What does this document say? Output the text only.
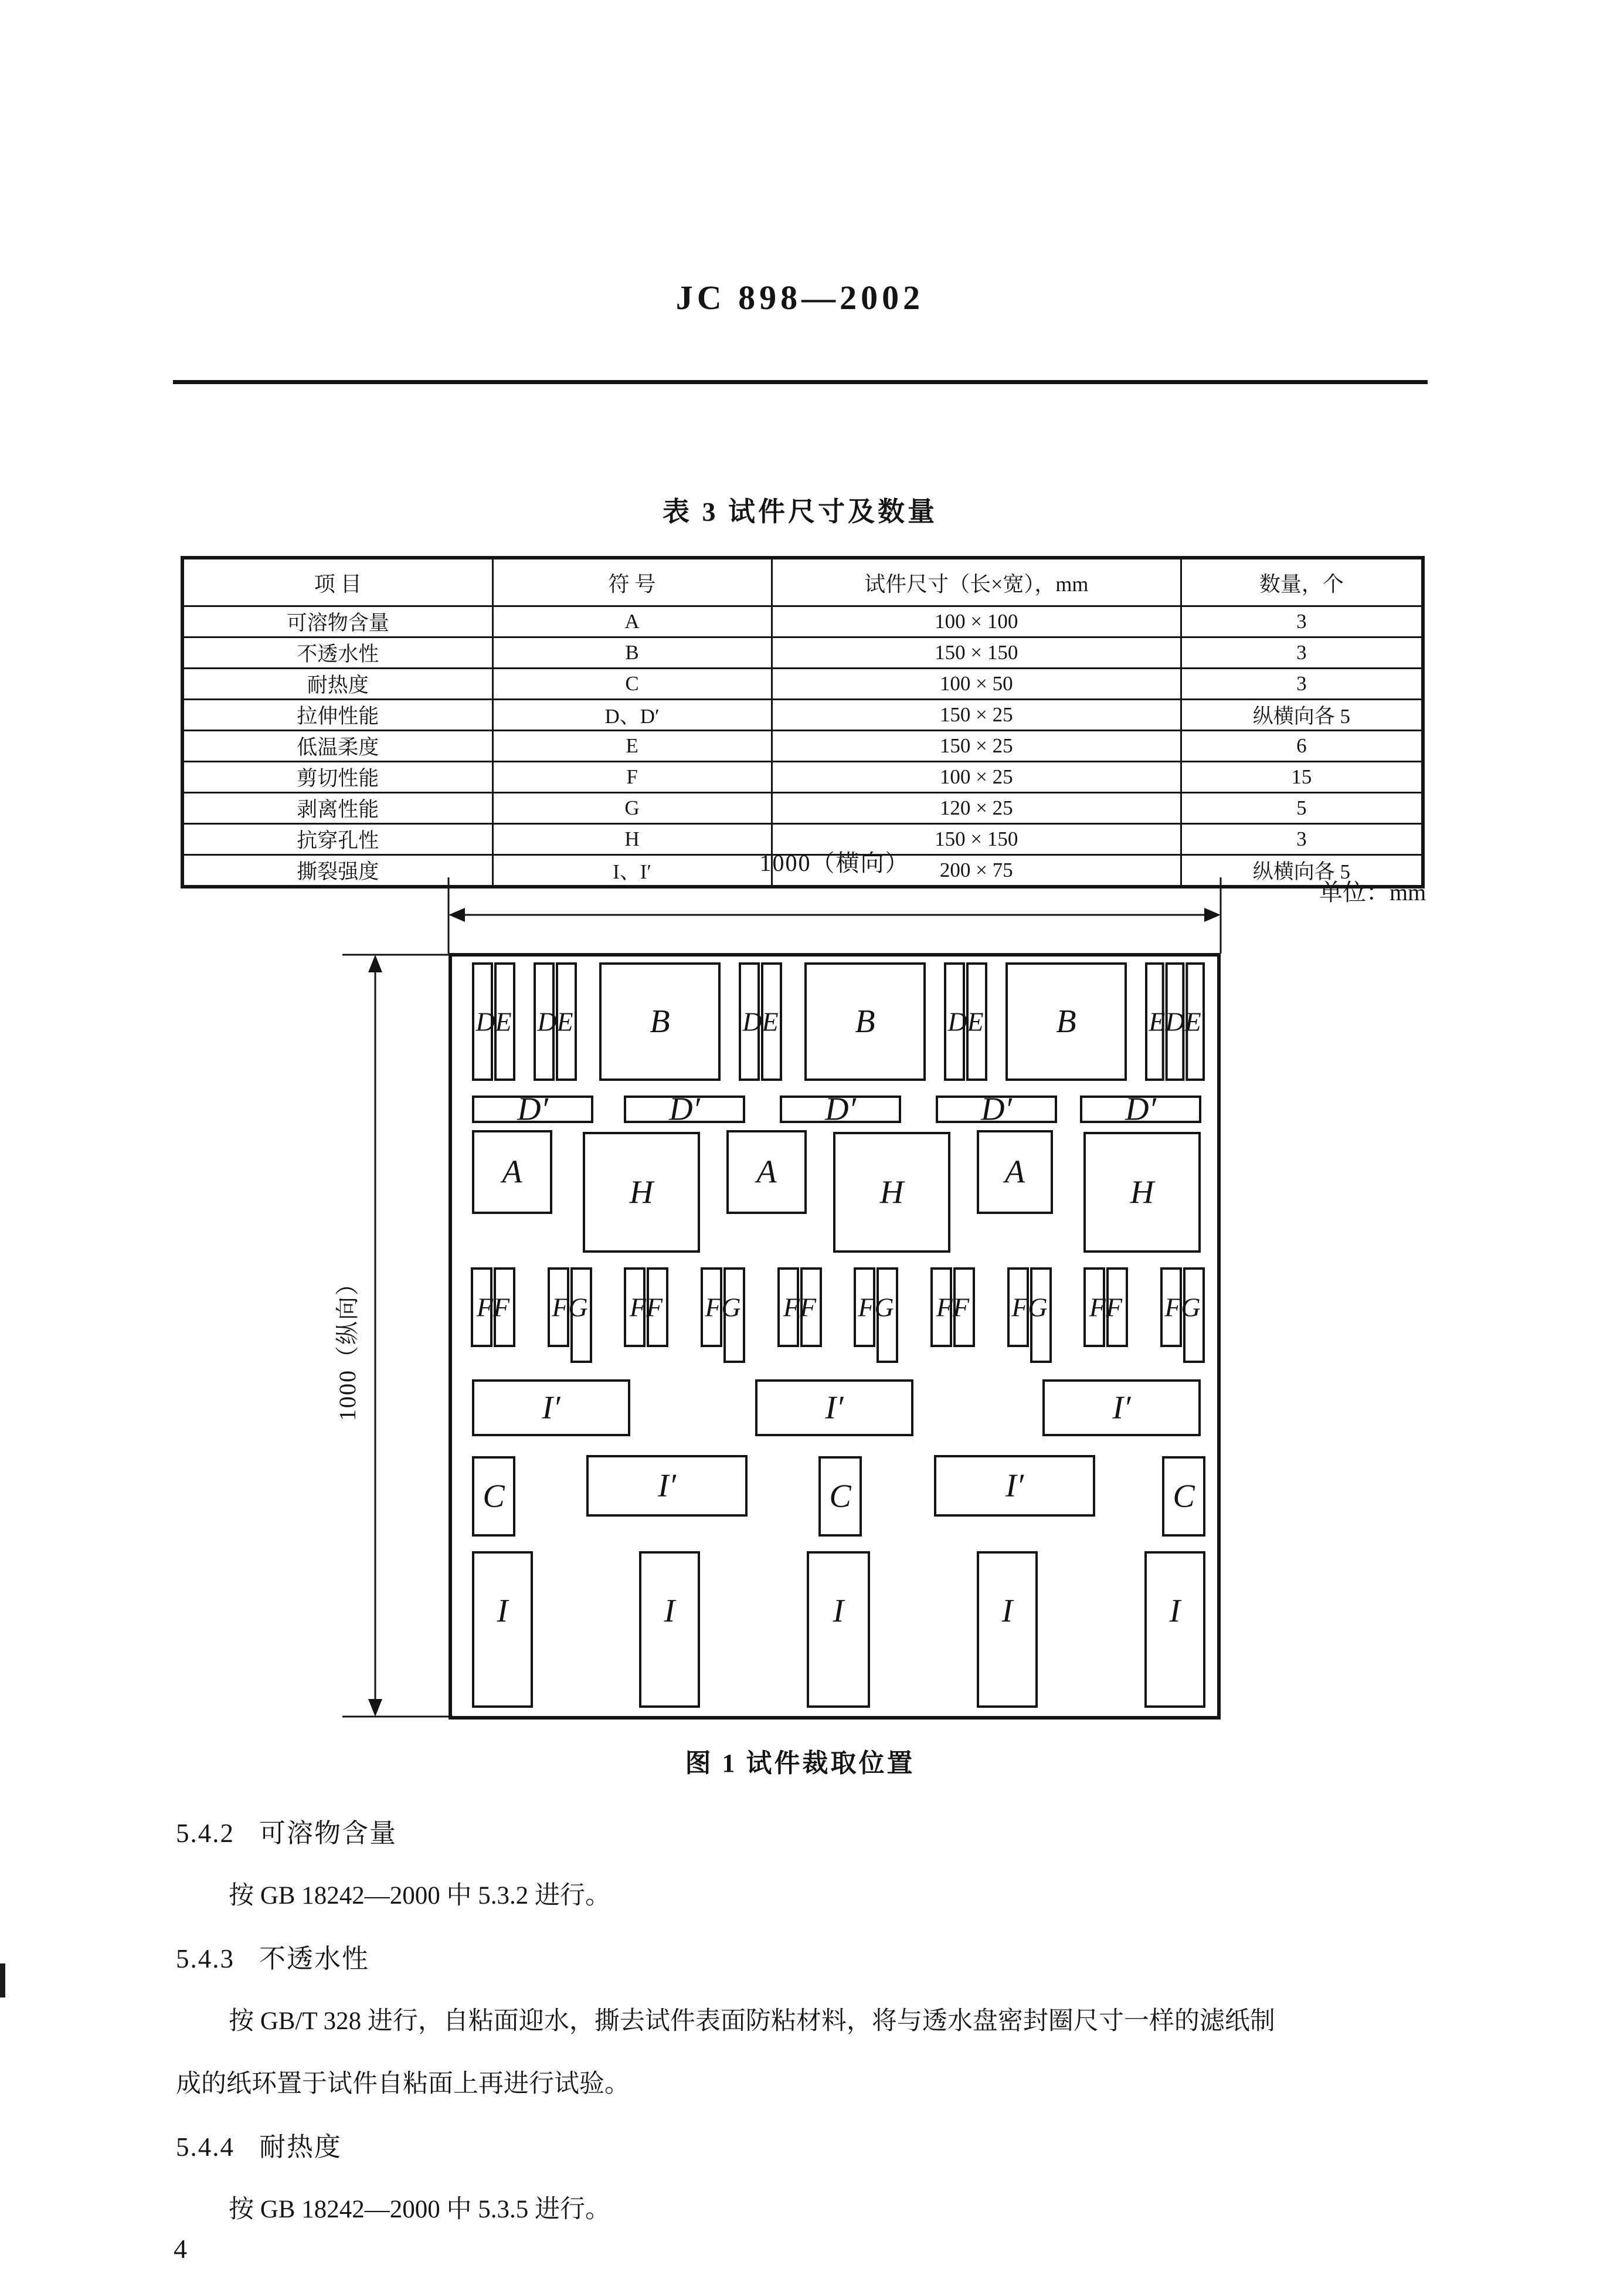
JC 898—2002
表 3 试件尺寸及数量
项 目	符 号	试件尺寸（长×宽），mm	数量，个
可溶物含量	A	100 × 100	3
不透水性	B	150 × 150	3
耐热度	C	100 × 50	3
拉伸性能	D、D′	150 × 25	纵横向各 5
低温柔度	E	150 × 25	6
剪切性能	F	100 × 25	15
剥离性能	G	120 × 25	5
抗穿孔性	H	150 × 150	3
撕裂强度	I、I′	200 × 75	纵横向各 5
1000（横向）
单位：mm
1000（纵向）
DE DE B	DE B	DE B	EDE
D′	D′	D′	D′	D′
A
H
A
H
A
H
FF FG FF FG FF FG FF FG FF FG
I′	I′	I′
C	I′	C	I′	C
I	I	I	I	I
图 1 试件裁取位置
5.4.2 可溶物含量
按 GB 18242—2000 中 5.3.2 进行。
5.4.3 不透水性
按 GB/T 328 进行，自粘面迎水，撕去试件表面防粘材料，将与透水盘密封圈尺寸一样的滤纸制
成的纸环置于试件自粘面上再进行试验。
5.4.4 耐热度
按 GB 18242—2000 中 5.3.5 进行。
4
